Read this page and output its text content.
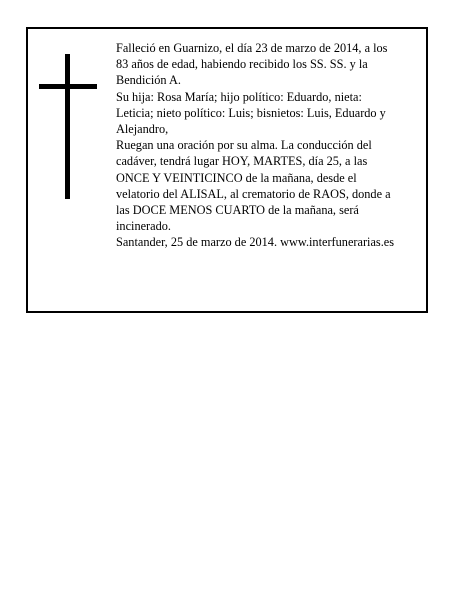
Falleció en Guarnizo, el día 23 de marzo de 2014, a los
83 años de edad, habiendo recibido los SS. SS. y la
Bendición A.
Su hija: Rosa María; hijo político: Eduardo, nieta:
Leticia; nieto político: Luis; bisnietos: Luis, Eduardo y
Alejandro,
Ruegan una oración por su alma. La conducción del
cadáver, tendrá lugar HOY, MARTES, día 25, a las
ONCE Y VEINTICINCO de la mañana, desde el
velatorio del ALISAL, al crematorio de RAOS, donde a
las DOCE MENOS CUARTO de la mañana, será
incinerado.
Santander, 25 de marzo de 2014. www.interfunerarias.es
